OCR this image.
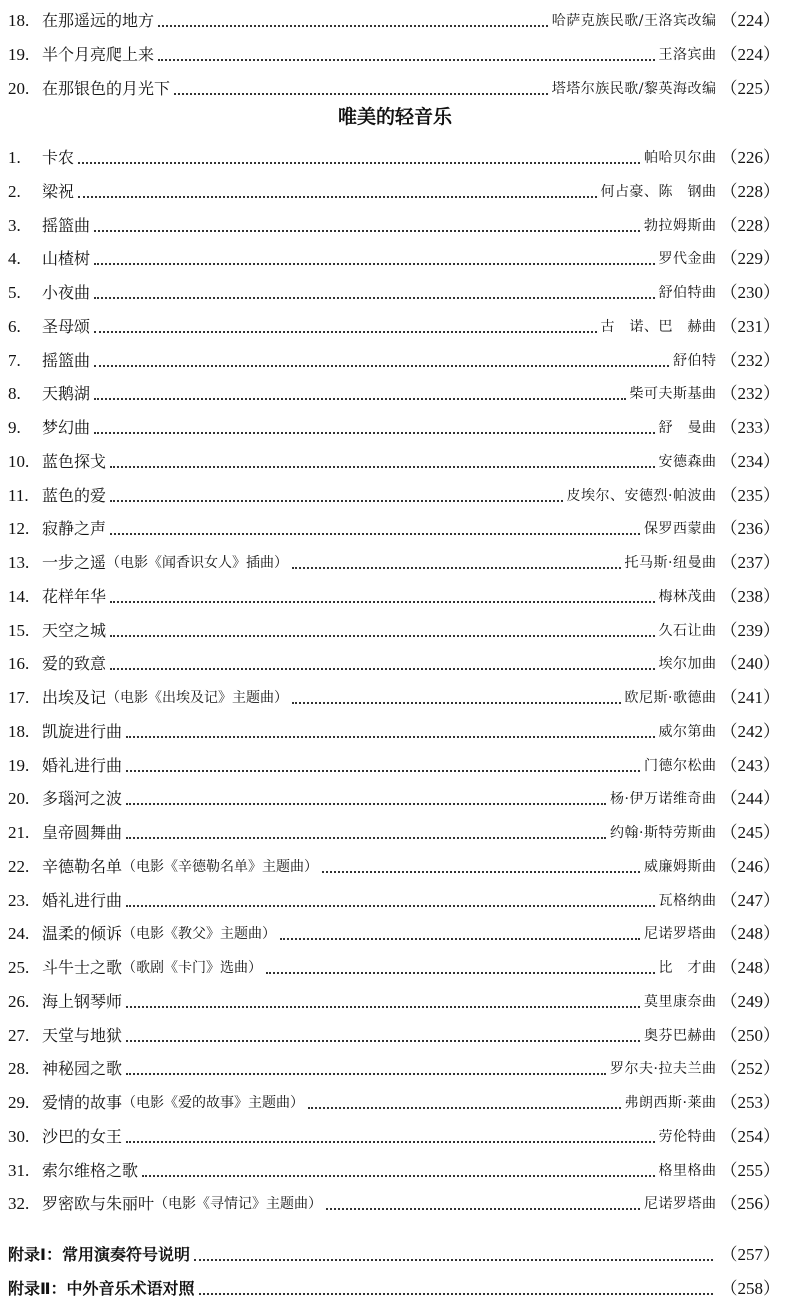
18. 在那遥远的地方	哈萨克族民歌/王洛宾改编 （224）
19. 半个月亮爬上来	王洛宾曲 （224）
20. 在那银色的月光下	塔塔尔族民歌/黎英海改编 （225）
唯美的轻音乐
1.	卡农	帕哈贝尔曲 （226）
2.	梁祝	何占豪、陈　钢曲 （228）
3.	摇篮曲	勃拉姆斯曲 （228）
4.	山楂树	罗代金曲 （229）
5.	小夜曲	舒伯特曲 （230）
6.	圣母颂	古　诺、巴　赫曲 （231）
7.	摇篮曲	舒伯特 （232）
8.	天鹅湖	柴可夫斯基曲 （232）
9.	梦幻曲	舒　曼曲 （233）
10. 蓝色探戈	安德森曲 （234）
11. 蓝色的爱	皮埃尔、安德烈·帕波曲 （235）
12. 寂静之声	保罗西蒙曲 （236）
13. 一步之遥 （电影《闻香识女人》插曲）	托马斯·纽曼曲 （237）
14. 花样年华	梅林茂曲 （238）
15. 天空之城	久石让曲 （239）
16. 爱的致意	埃尔加曲 （240）
17. 出埃及记 （电影《出埃及记》主题曲）	欧尼斯·歌德曲 （241）
18. 凯旋进行曲	威尔第曲 （242）
19. 婚礼进行曲	门德尔松曲 （243）
20. 多瑙河之波	杨·伊万诺维奇曲 （244）
21. 皇帝圆舞曲	约翰·斯特劳斯曲 （245）
22. 辛德勒名单 （电影《辛德勒名单》主题曲）	威廉姆斯曲 （246）
23. 婚礼进行曲	瓦格纳曲 （247）
24. 温柔的倾诉 （电影《教父》主题曲）	尼诺罗塔曲 （248）
25. 斗牛士之歌 （歌剧《卡门》选曲）	比　才曲 （248）
26. 海上钢琴师	莫里康奈曲 （249）
27. 天堂与地狱	奥芬巴赫曲 （250）
28. 神秘园之歌	罗尔夫·拉夫兰曲 （252）
29. 爱情的故事 （电影《爱的故事》主题曲）	弗朗西斯·莱曲 （253）
30. 沙巴的女王	劳伦特曲 （254）
31. 索尔维格之歌	格里格曲 （255）
32. 罗密欧与朱丽叶 （电影《寻情记》主题曲）	尼诺罗塔曲 （256）
附录Ⅰ：常用演奏符号说明	（257）
附录Ⅱ：中外音乐术语对照	（258）
